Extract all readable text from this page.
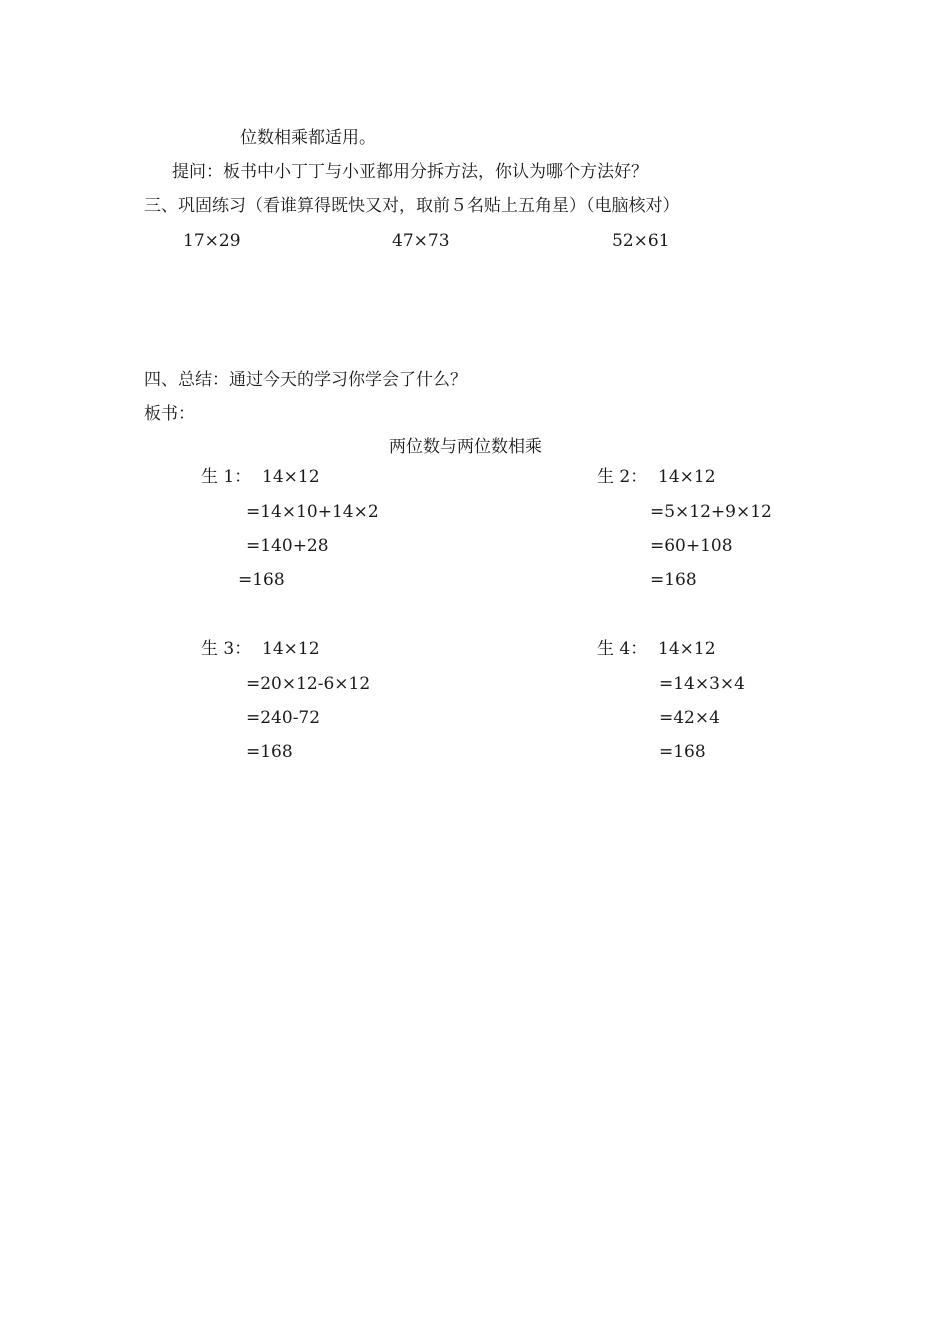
位数相乘都适用。
提问：板书中小丁丁与小亚都用分拆方法，你认为哪个方法好？
三、巩固练习（看谁算得既快又对，取前５名贴上五角星）（电脑核对）
17×29	47×73	52×61
四、总结：通过今天的学习你学会了什么？
板书：
两位数与两位数相乘
生 1： 14×12
=14×10+14×2
=140+28
=168
生 2： 14×12
=5×12+9×12
=60+108
=168
生 3： 14×12
=20×12-6×12
=240-72
=168
生 4： 14×12
=14×3×4
=42×4
=168
